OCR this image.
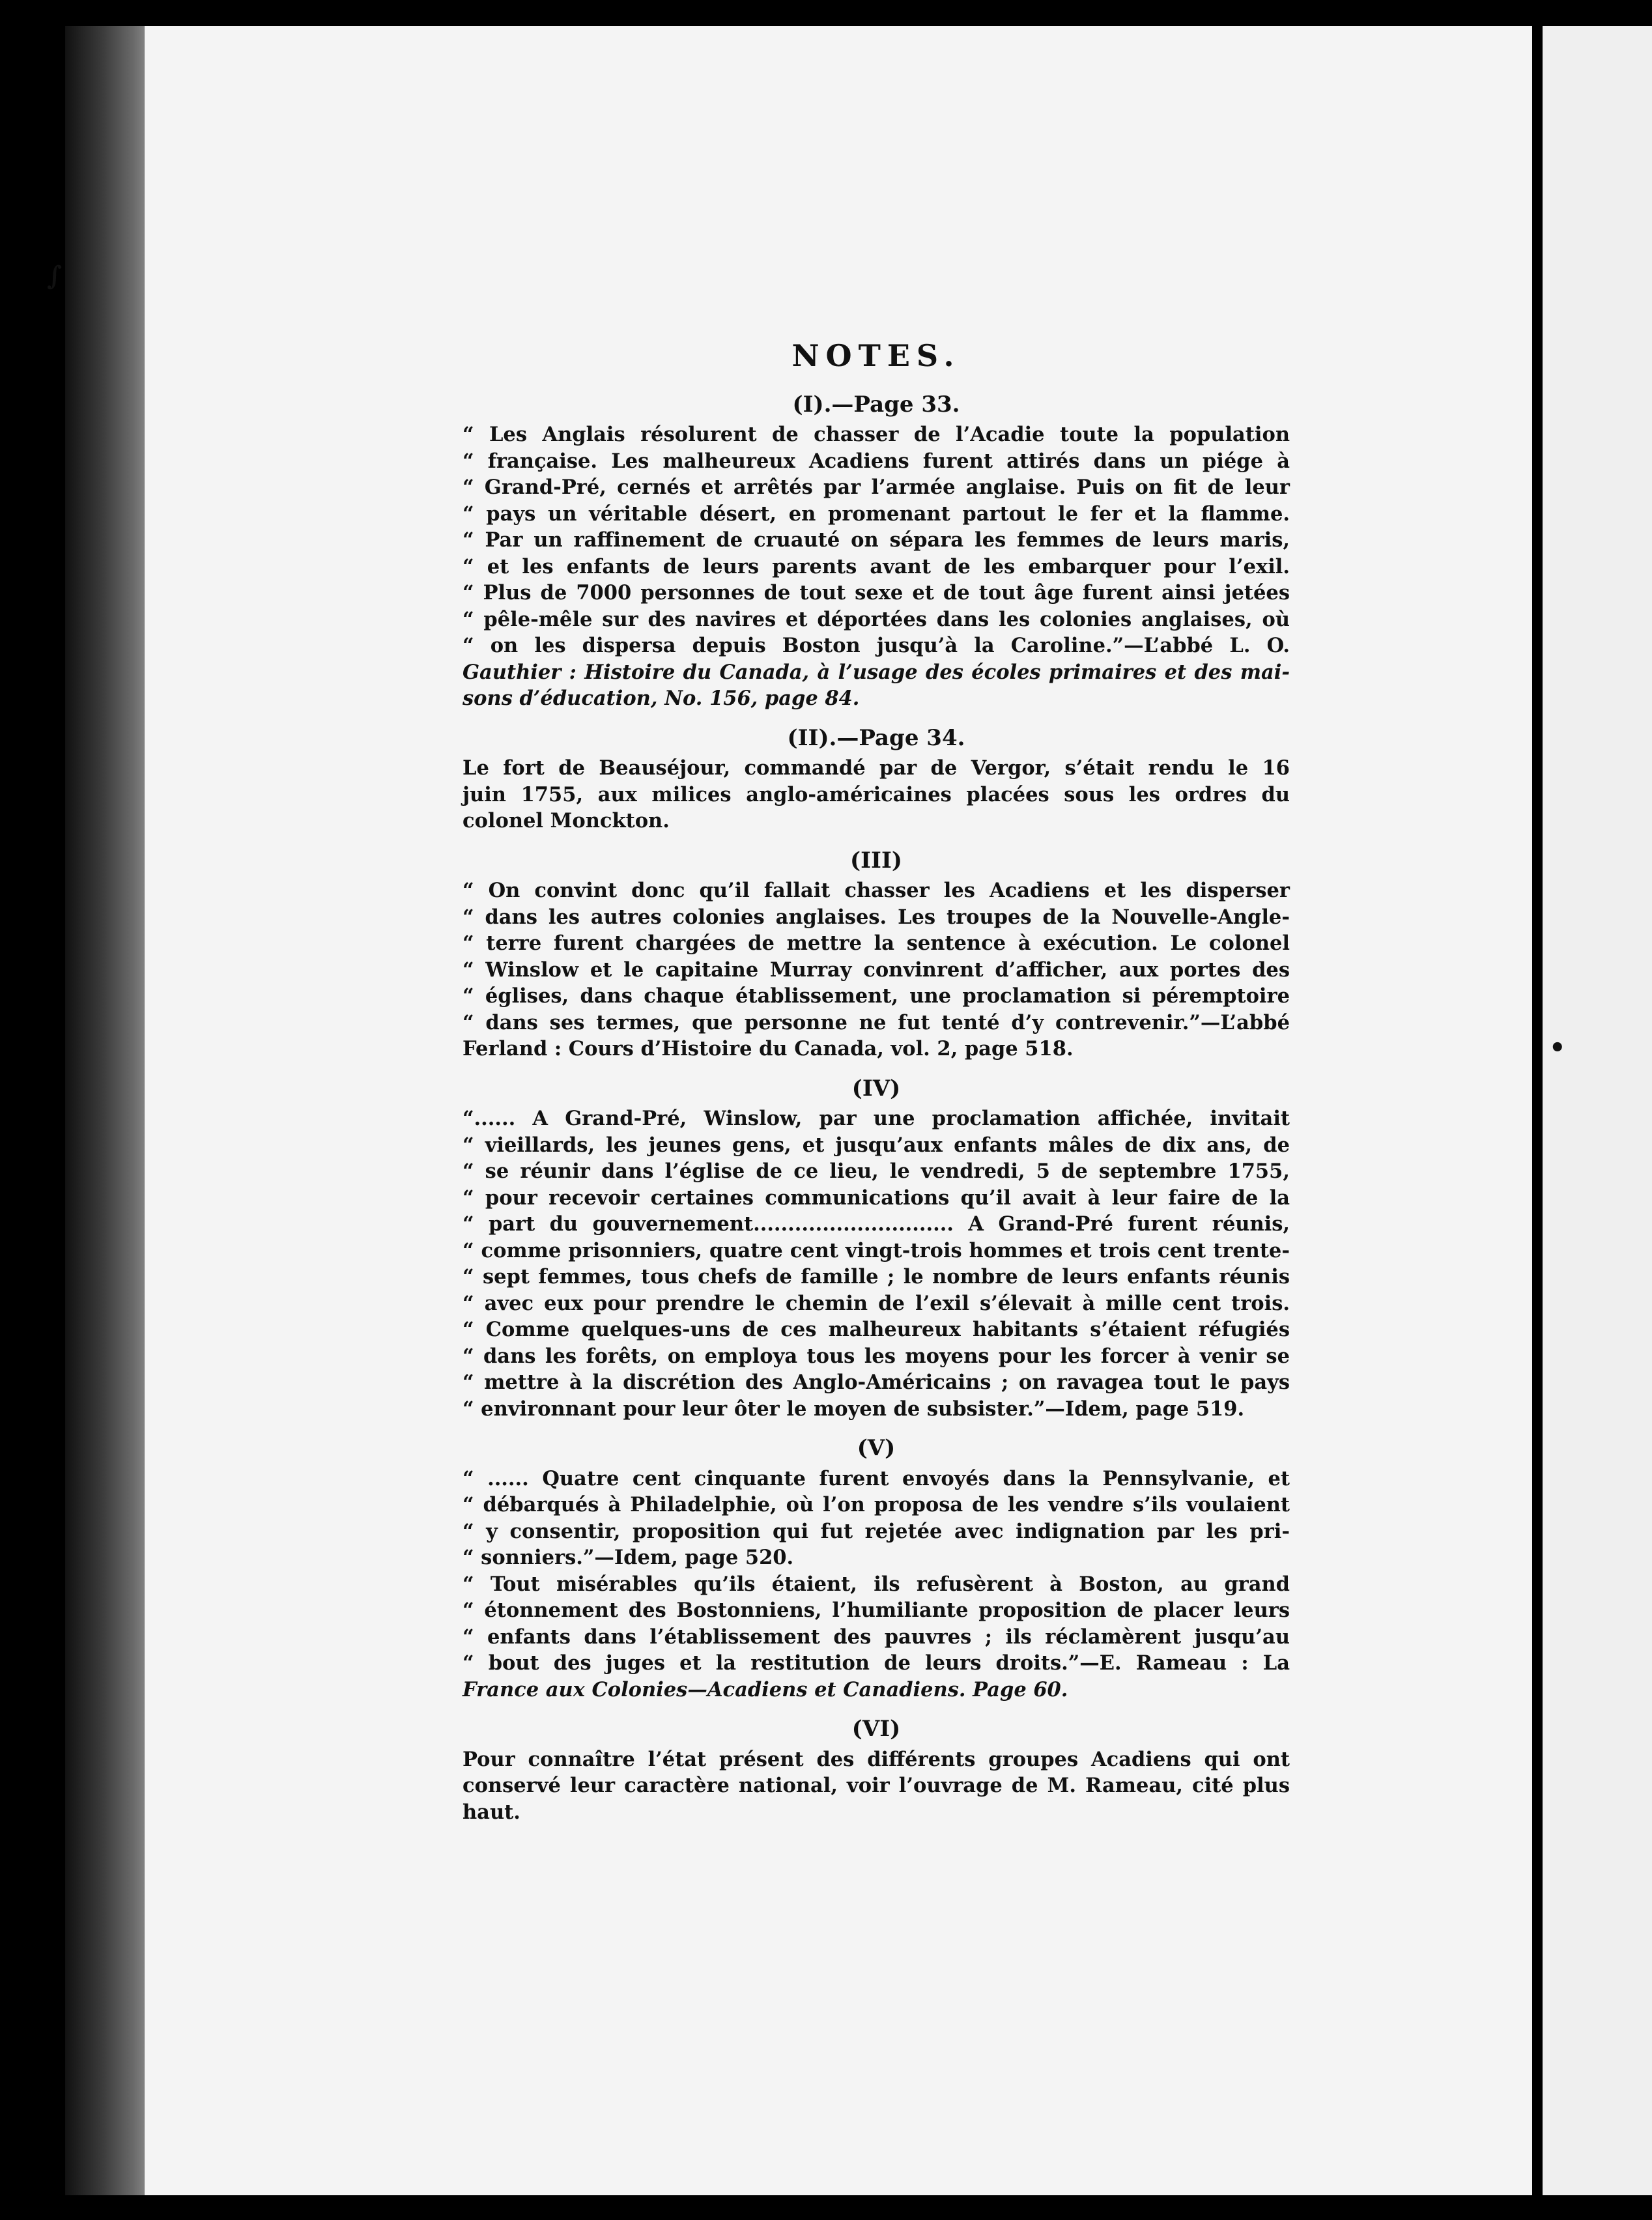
∫
•
NOTES.
(I).—Page 33.
“ Les Anglais résolurent de chasser de l’Acadie toute la population
“ française. Les malheureux Acadiens furent attirés dans un piége à
“ Grand-Pré, cernés et arrêtés par l’armée anglaise. Puis on fit de leur
“ pays un véritable désert, en promenant partout le fer et la flamme.
“ Par un raffinement de cruauté on sépara les femmes de leurs maris,
“ et les enfants de leurs parents avant de les embarquer pour l’exil.
“ Plus de 7000 personnes de tout sexe et de tout âge furent ainsi jetées
“ pêle-mêle sur des navires et déportées dans les colonies anglaises, où
“ on les dispersa depuis Boston jusqu’à la Caroline.”—L’abbé L. O.
Gauthier : Histoire du Canada, à l’usage des écoles primaires et des mai-
sons d’éducation, No. 156, page 84.
(II).—Page 34.
Le fort de Beauséjour, commandé par de Vergor, s’était rendu le 16
juin 1755, aux milices anglo-américaines placées sous les ordres du
colonel Monckton.
(III)
“ On convint donc qu’il fallait chasser les Acadiens et les disperser
“ dans les autres colonies anglaises. Les troupes de la Nouvelle-Angle-
“ terre furent chargées de mettre la sentence à exécution. Le colonel
“ Winslow et le capitaine Murray convinrent d’afficher, aux portes des
“ églises, dans chaque établissement, une proclamation si péremptoire
“ dans ses termes, que personne ne fut tenté d’y contrevenir.”—L’abbé
Ferland : Cours d’Histoire du Canada, vol. 2, page 518.
(IV)
“...... A Grand-Pré, Winslow, par une proclamation affichée, invitait
“ vieillards, les jeunes gens, et jusqu’aux enfants mâles de dix ans, de
“ se réunir dans l’église de ce lieu, le vendredi, 5 de septembre 1755,
“ pour recevoir certaines communications qu’il avait à leur faire de la
“ part du gouvernement............................. A Grand-Pré furent réunis,
“ comme prisonniers, quatre cent vingt-trois hommes et trois cent trente-
“ sept femmes, tous chefs de famille ; le nombre de leurs enfants réunis
“ avec eux pour prendre le chemin de l’exil s’élevait à mille cent trois.
“ Comme quelques-uns de ces malheureux habitants s’étaient réfugiés
“ dans les forêts, on employa tous les moyens pour les forcer à venir se
“ mettre à la discrétion des Anglo-Américains ; on ravagea tout le pays
“ environnant pour leur ôter le moyen de subsister.”—Idem, page 519.
(V)
“ ...... Quatre cent cinquante furent envoyés dans la Pennsylvanie, et
“ débarqués à Philadelphie, où l’on proposa de les vendre s’ils voulaient
“ y consentir, proposition qui fut rejetée avec indignation par les pri-
“ sonniers.”—Idem, page 520.
“ Tout misérables qu’ils étaient, ils refusèrent à Boston, au grand
“ étonnement des Bostonniens, l’humiliante proposition de placer leurs
“ enfants dans l’établissement des pauvres ; ils réclamèrent jusqu’au
“ bout des juges et la restitution de leurs droits.”—E. Rameau : La
France aux Colonies—Acadiens et Canadiens. Page 60.
(VI)
Pour connaître l’état présent des différents groupes Acadiens qui ont
conservé leur caractère national, voir l’ouvrage de M. Rameau, cité plus
haut.
